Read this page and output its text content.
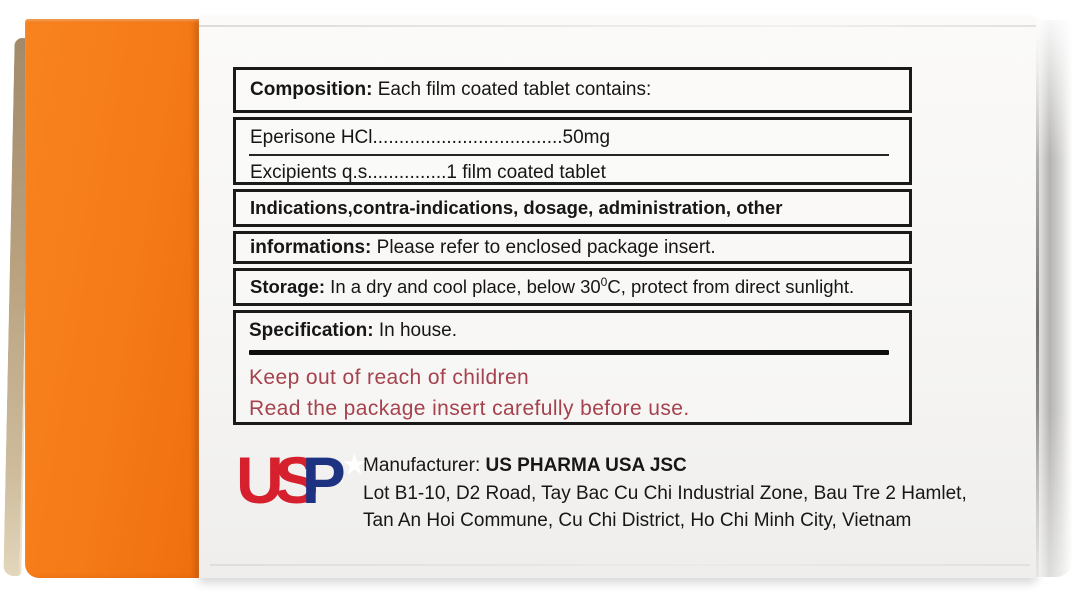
Composition: Each film coated tablet contains:
Eperisone HCl....................................50mg
Excipients q.s...............1 film coated tablet
Indications,contra-indications, dosage, administration, other
informations: Please refer to enclosed package insert.
Storage: In a dry and cool place, below $30^0C$, protect from direct sunlight.
Specification: In house.
Keep out of reach of children
Read the package insert carefully before use.
USP
★
Manufacturer: US PHARMA USA JSC
Lot B1-10, D2 Road, Tay Bac Cu Chi Industrial Zone, Bau Tre 2 Hamlet,
Tan An Hoi Commune, Cu Chi District, Ho Chi Minh City, Vietnam
